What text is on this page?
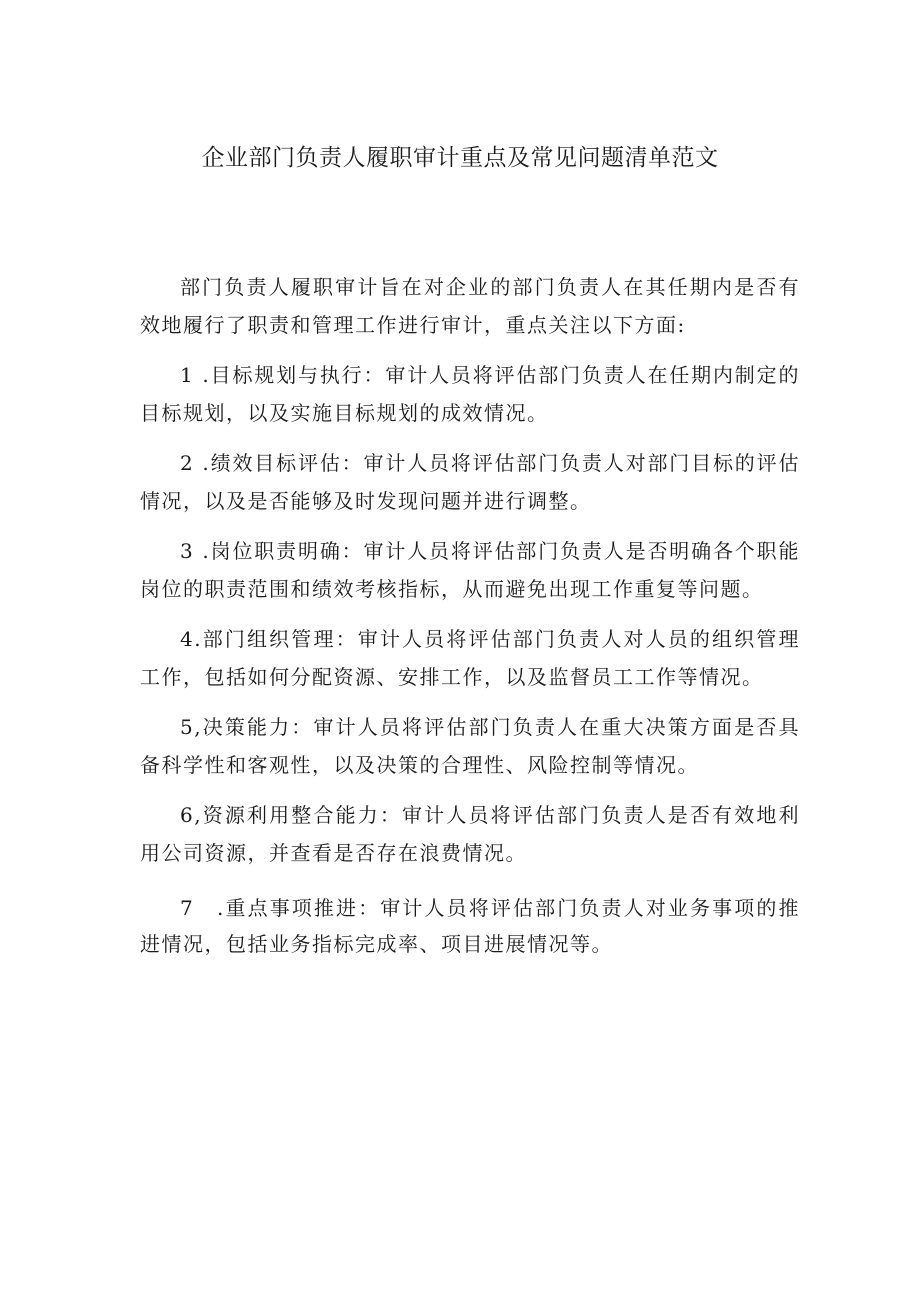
企业部门负责人履职审计重点及常见问题清单范文

部门负责人履职审计旨在对企业的部门负责人在其任期内是否有效地履行了职责和管理工作进行审计，重点关注以下方面:

1 .目标规划与执行：审计人员将评估部门负责人在任期内制定的目标规划，以及实施目标规划的成效情况。

2 .绩效目标评估：审计人员将评估部门负责人对部门目标的评估情况，以及是否能够及时发现问题并进行调整。

3 .岗位职责明确：审计人员将评估部门负责人是否明确各个职能岗位的职责范围和绩效考核指标，从而避免出现工作重复等问题。

4.部门组织管理：审计人员将评估部门负责人对人员的组织管理工作，包括如何分配资源、安排工作，以及监督员工工作等情况。

5,决策能力：审计人员将评估部门负责人在重大决策方面是否具备科学性和客观性，以及决策的合理性、风险控制等情况。

6,资源利用整合能力：审计人员将评估部门负责人是否有效地利用公司资源，并查看是否存在浪费情况。

7　.重点事项推进：审计人员将评估部门负责人对业务事项的推进情况，包括业务指标完成率、项目进展情况等。
